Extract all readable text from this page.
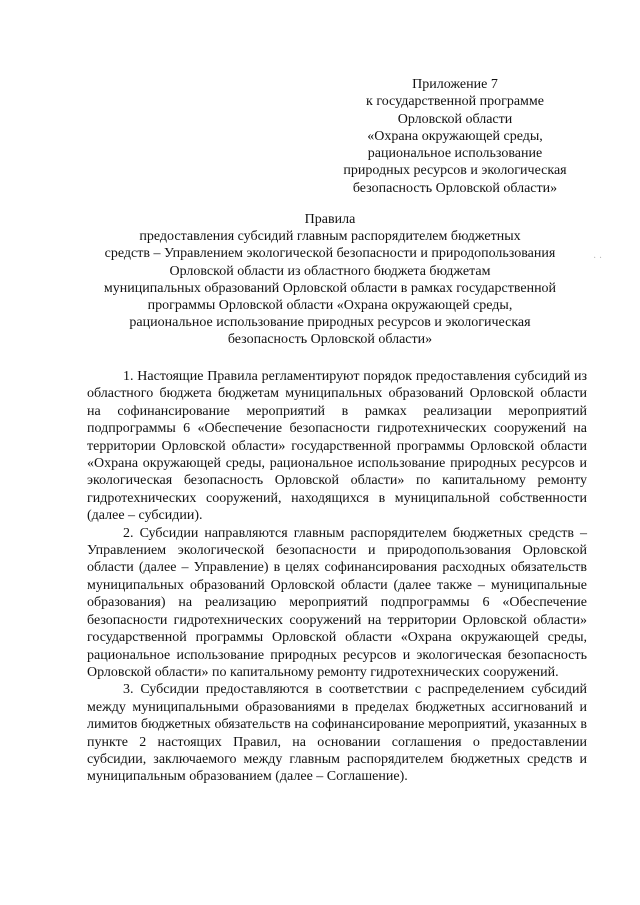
Приложение 7
к государственной программе
Орловской области
«Охрана окружающей среды,
рациональное использование
природных ресурсов и экологическая
безопасность Орловской области»
Правила
предоставления субсидий главным распорядителем бюджетных
средств – Управлением экологической безопасности и природопользования
Орловской области из областного бюджета бюджетам
муниципальных образований Орловской области в рамках государственной
программы Орловской области «Охрана окружающей среды,
рациональное использование природных ресурсов и экологическая
безопасность Орловской области»
· ·

1. Настоящие Правила регламентируют порядок предоставления субсидий из областного бюджета бюджетам муниципальных образований Орловской области на софинансирование мероприятий в рамках реализации мероприятий подпрограммы 6 «Обеспечение безопасности гидротехнических сооружений на территории Орловской области» государственной программы Орловской области «Охрана окружающей среды, рациональное использование природных ресурсов и экологическая безопасность Орловской области» по капитальному ремонту гидротехнических сооружений, находящихся в муниципальной собственности (далее – субсидии).

2. Субсидии направляются главным распорядителем бюджетных средств – Управлением экологической безопасности и природопользования Орловской области (далее – Управление) в целях софинансирования расходных обязательств муниципальных образований Орловской области (далее также – муниципальные образования) на реализацию мероприятий подпрограммы 6 «Обеспечение безопасности гидротехнических сооружений на территории Орловской области» государственной программы Орловской области «Охрана окружающей среды, рациональное использование природных ресурсов и экологическая безопасность Орловской области» по капитальному ремонту гидротехнических сооружений.

3. Субсидии предоставляются в соответствии с распределением субсидий между муниципальными образованиями в пределах бюджетных ассигнований и лимитов бюджетных обязательств на софинансирование мероприятий, указанных в пункте 2 настоящих Правил, на основании соглашения о предоставлении субсидии, заключаемого между главным распорядителем бюджетных средств и муниципальным образованием (далее – Соглашение).
